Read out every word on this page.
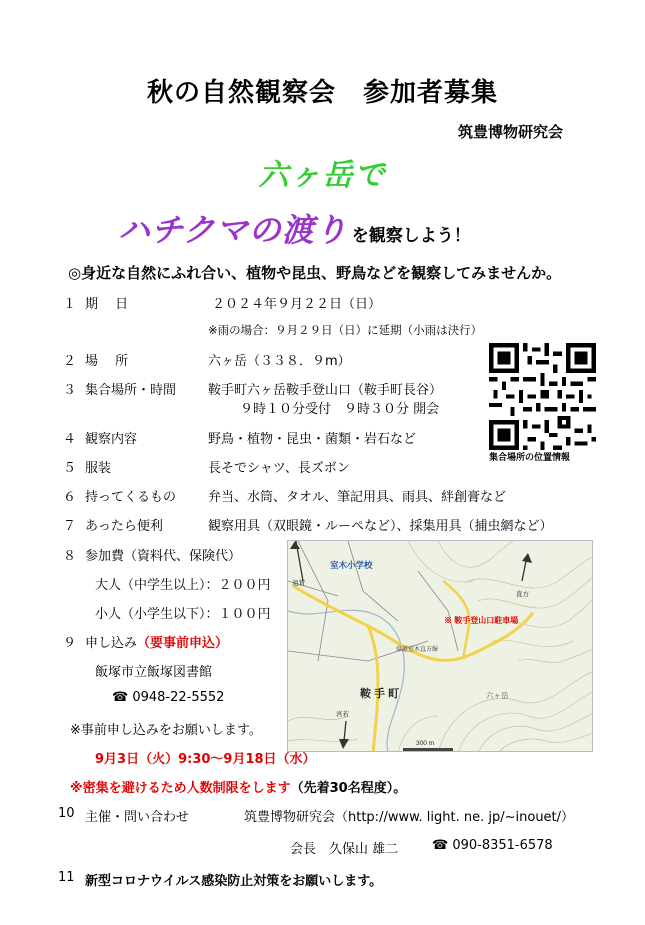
秋の自然観察会　参加者募集
筑豊博物研究会
六ヶ岳で
ハチクマの渡り を観察しよう！
◎身近な自然にふれ合い、植物や昆虫、野鳥などを観察してみませんか。
１ 期　 日	２０２４年９月２２日（日）
※雨の場合：９月２９日（日）に延期（小雨は決行）
２ 場　 所	六ヶ岳（３３８．９m）
３ 集合場所・時間 鞍手町六ヶ岳鞍手登山口（鞍手町長谷）
９時１０分受付　９時３０分 開会
４ 観察内容	野鳥・植物・昆虫・菌類・岩石など
５ 服装	長そでシャツ、長ズボン
６ 持ってくるもの 弁当、水筒、タオル、筆記用具、雨具、絆創膏など
７ あったら便利	観察用具（双眼鏡・ルーペなど）、採集用具（捕虫網など）
８ 参加費（資料代、保険代）
大人（中学生以上）：２００円
小人（小学生以下）：１００円
９ 申し込み（要事前申込）
飯塚市立飯塚図書館
☎ 0948-22-5552
※事前申し込みをお願いします。
9月3日（火）9:30～9月18日（水）
※密集を避けるため人数制限をします（先着30名程度）。
10 主催・問い合わせ	筑豊博物研究会（http://www. light. ne. jp/~inouet/）
会長　久保山 雄二	☎ 090-8351-6578
11 新型コロナウイルス感染防止対策をお願いします。
集合場所の位置情報
室木小学校
※ 鞍手登山口駐車場
鞍 手 町	六ヶ岳
県道室木直方線
遠賀
直方
宮若
300 m
